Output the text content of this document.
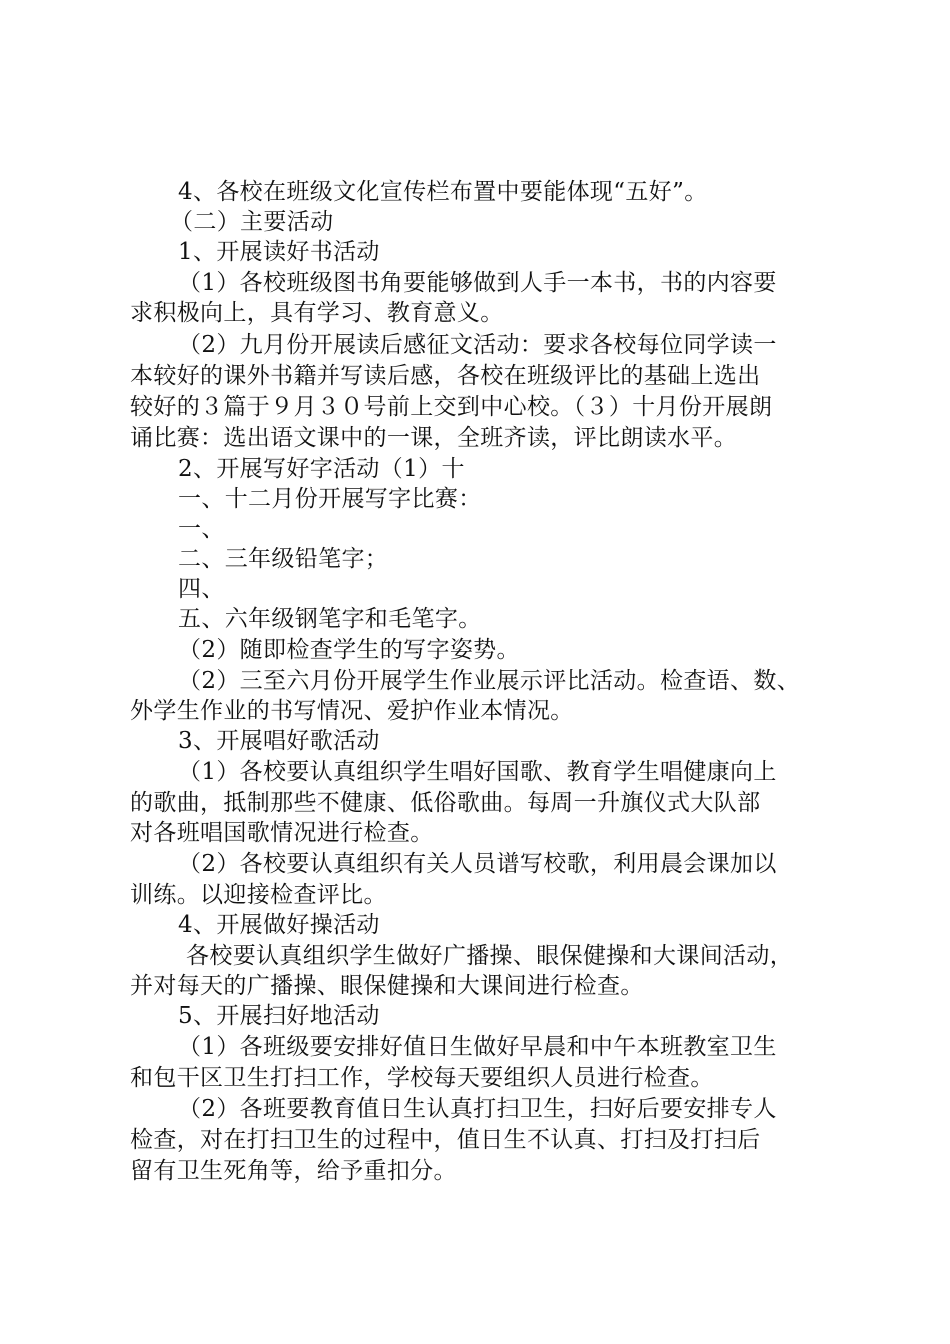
4、各校在班级文化宣传栏布置中要能体现“五好”。
（二）主要活动
1、开展读好书活动
（1）各校班级图书角要能够做到人手一本书，书的内容要
求积极向上，具有学习、教育意义。
（2）九月份开展读后感征文活动：要求各校每位同学读一
本较好的课外书籍并写读后感，各校在班级评比的基础上选出
较好的３篇于９月３０号前上交到中心校。（３）十月份开展朗
诵比赛：选出语文课中的一课，全班齐读，评比朗读水平。
2、开展写好字活动（1）十
一、十二月份开展写字比赛：
一、
二、三年级铅笔字；
四、
五、六年级钢笔字和毛笔字。
（2）随即检查学生的写字姿势。
（2）三至六月份开展学生作业展示评比活动。检查语、数、
外学生作业的书写情况、爱护作业本情况。
3、开展唱好歌活动
（1）各校要认真组织学生唱好国歌、教育学生唱健康向上
的歌曲，抵制那些不健康、低俗歌曲。每周一升旗仪式大队部
对各班唱国歌情况进行检查。
（2）各校要认真组织有关人员谱写校歌，利用晨会课加以
训练。以迎接检查评比。
4、开展做好操活动
各校要认真组织学生做好广播操、眼保健操和大课间活动，
并对每天的广播操、眼保健操和大课间进行检查。
5、开展扫好地活动
（1）各班级要安排好值日生做好早晨和中午本班教室卫生
和包干区卫生打扫工作，学校每天要组织人员进行检查。
（2）各班要教育值日生认真打扫卫生，扫好后要安排专人
检查，对在打扫卫生的过程中，值日生不认真、打扫及打扫后
留有卫生死角等，给予重扣分。
